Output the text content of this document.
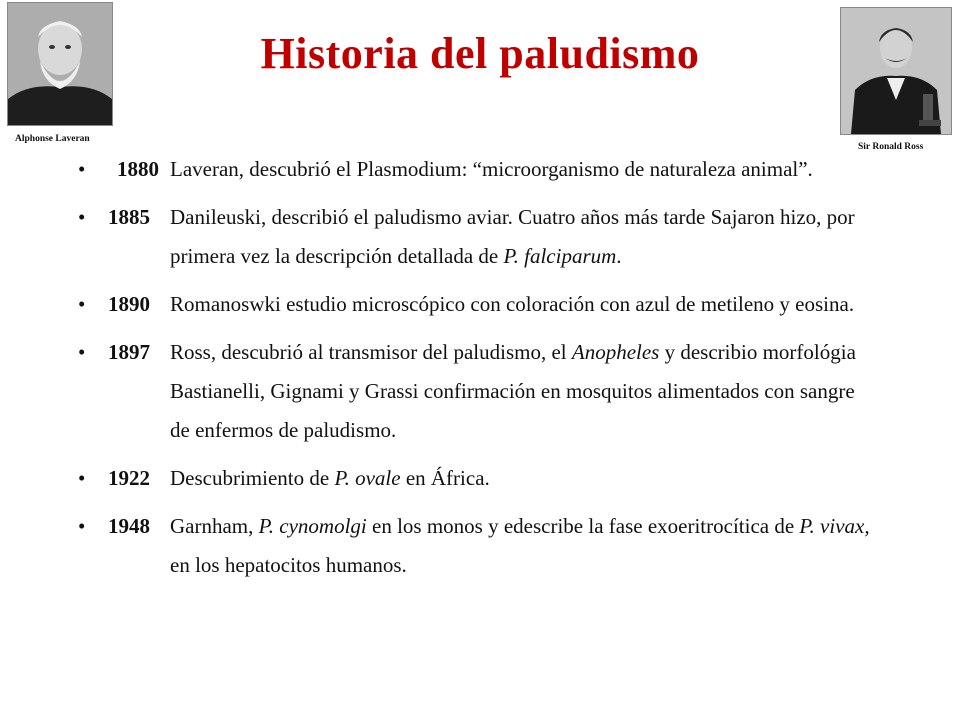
Historia del paludismo
Alphonse Laveran
Sir Ronald Ross
• 1880 Laveran, descubrió el Plasmodium: “microorganismo de naturaleza animal”.
• 1885 Danileuski, describió el paludismo aviar. Cuatro años más tarde Sajaron hizo, por primera vez la descripción detallada de P. falciparum.
• 1890 Romanoswki estudio microscópico con coloración con azul de metileno y eosina.
• 1897 Ross, descubrió al transmisor del paludismo, el Anopheles y describio morfológia Bastianelli, Gignami y Grassi confirmación en mosquitos alimentados con sangre de enfermos de paludismo.
• 1922 Descubrimiento de P. ovale en África.
• 1948 Garnham, P. cynomolgi en los monos y edescribe la fase exoeritrocítica de P. vivax, en los hepatocitos humanos.
